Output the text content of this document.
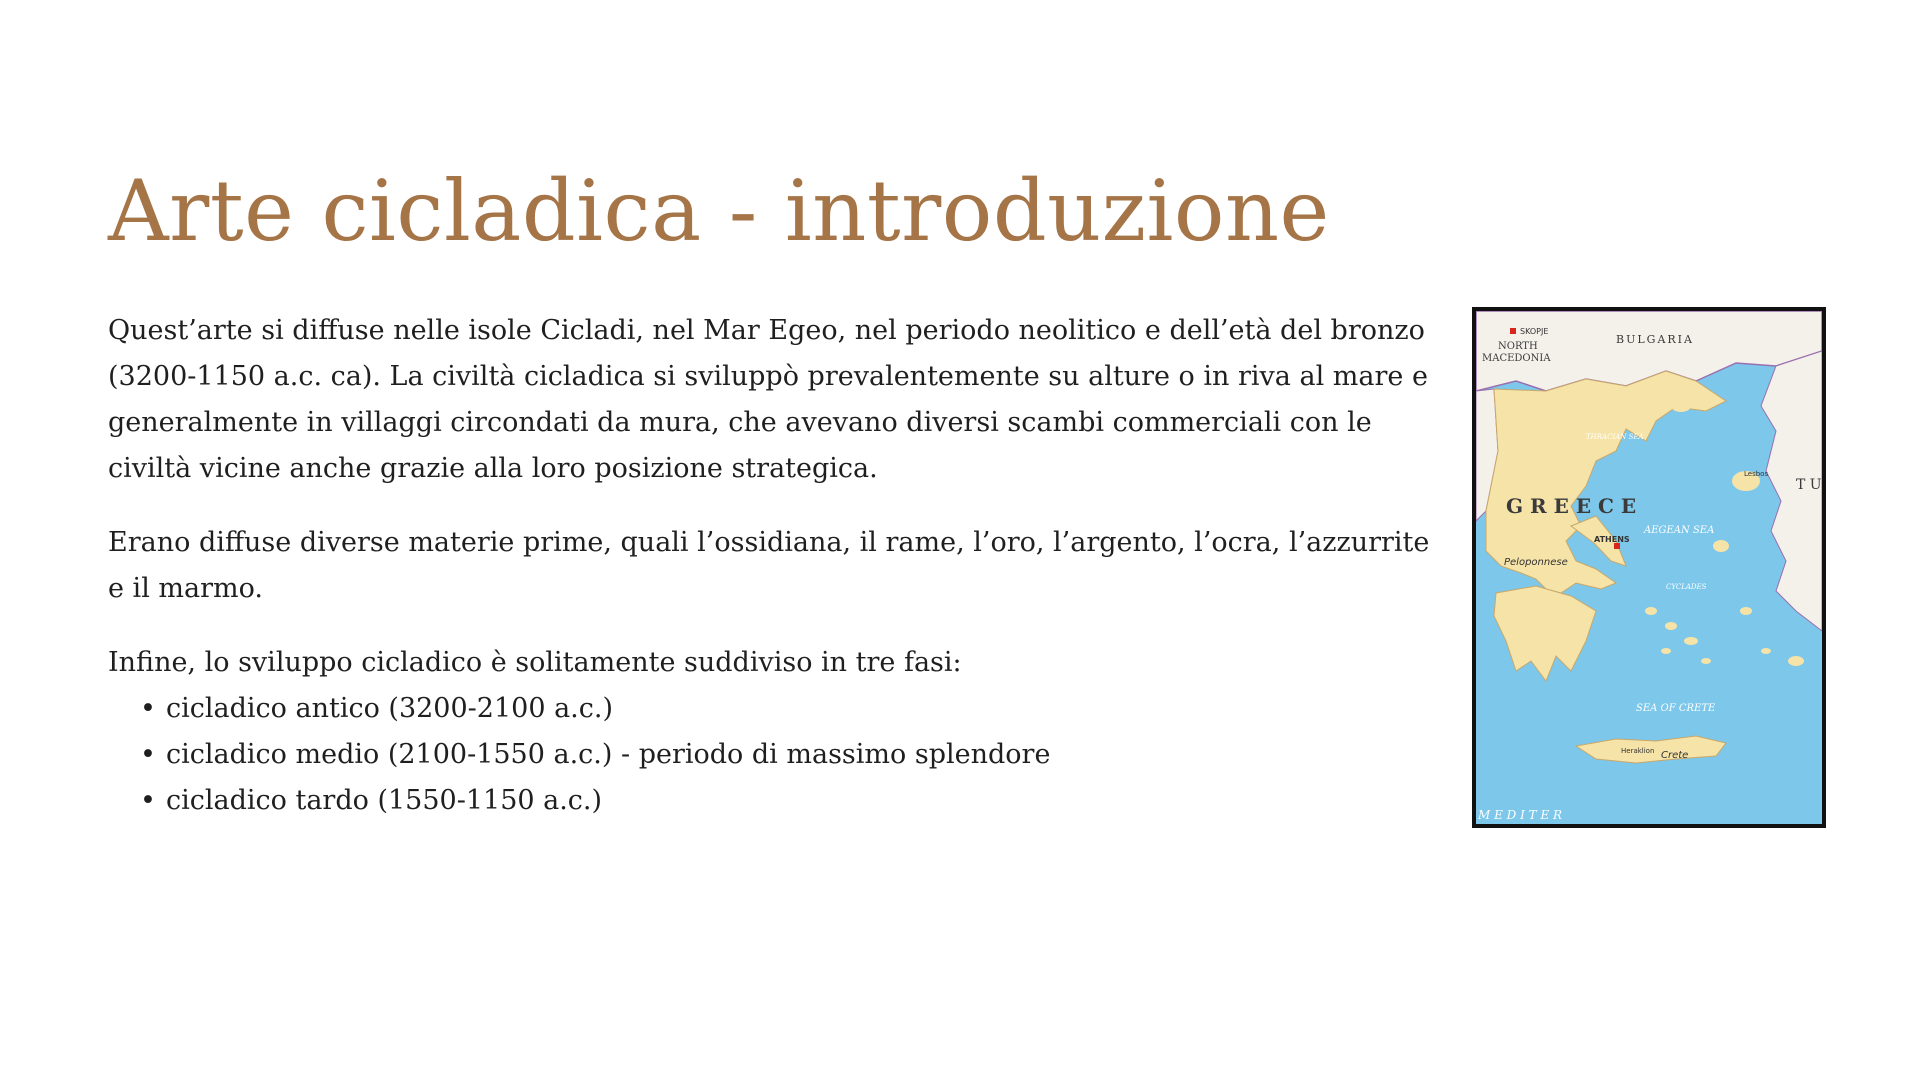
Arte cicladica - introduzione

Quest’arte si diffuse nelle isole Cicladi, nel Mar Egeo, nel periodo neolitico e dell’età del bronzo (3200-1150 a.c. ca). La civiltà cicladica si sviluppò prevalentemente su alture o in riva al mare e generalmente in villaggi circondati da mura, che avevano diversi scambi commerciali con le civiltà vicine anche grazie alla loro posizione strategica.

Erano diffuse diverse materie prime, quali l’ossidiana, il rame, l’oro, l’argento, l’ocra, l’azzurrite e il marmo.

Infine, lo sviluppo cicladico è solitamente suddiviso in tre fasi:

• cicladico antico (3200-2100 a.c.)
• cicladico medio (2100-1550 a.c.) - periodo di massimo splendore
• cicladico tardo (1550-1150 a.c.)
SKOPJE
NORTH
MACEDONIA
BULGARIA
THRACIAN SEA
G R E E C E
Lesbos
T U
AEGEAN SEA
ATHENS
Peloponnese
CYCLADES
SEA OF CRETE
Heraklion Crete
M E D I T E R
